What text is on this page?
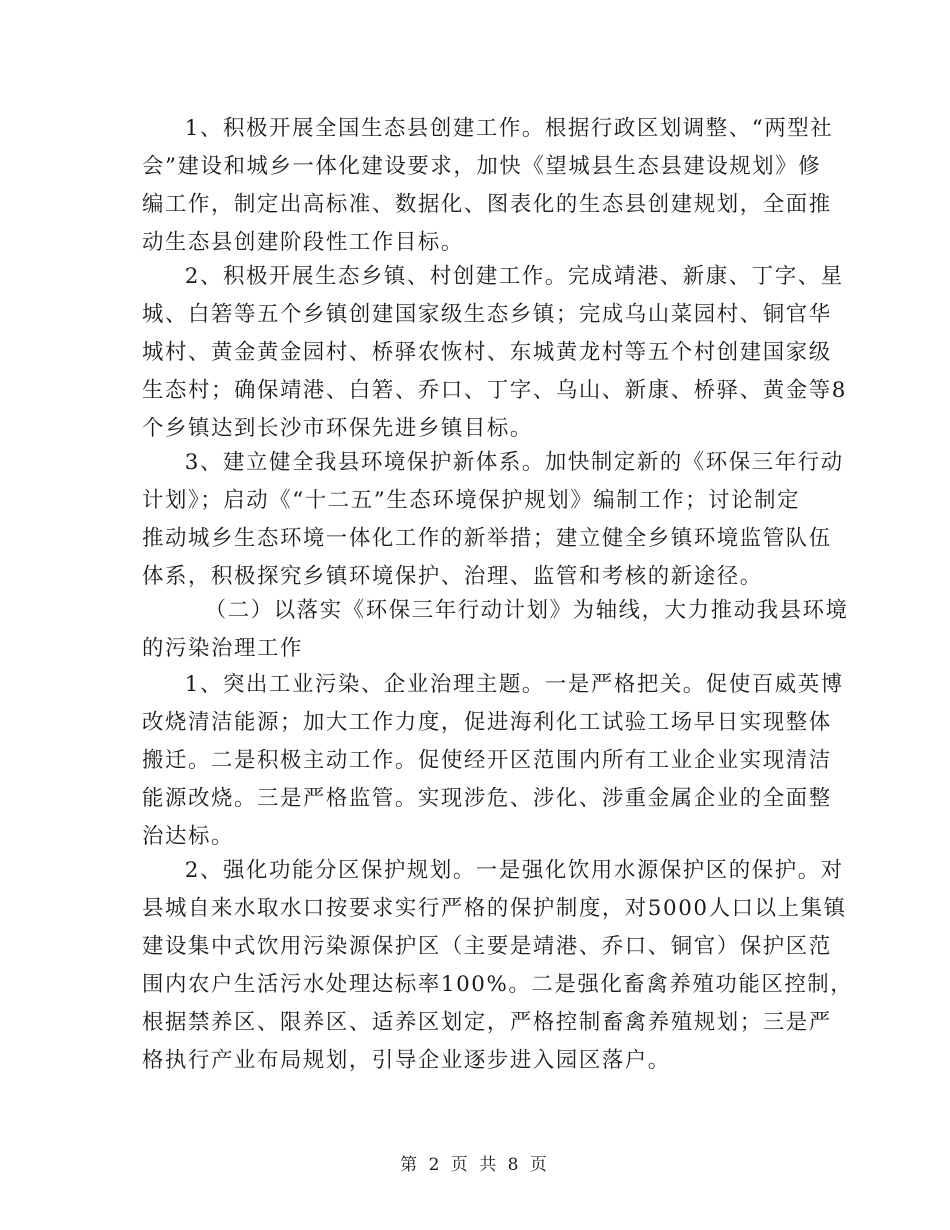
1、积极开展全国生态县创建工作。根据行政区划调整、“两型社
会”建设和城乡一体化建设要求，加快《望城县生态县建设规划》修
编工作，制定出高标准、数据化、图表化的生态县创建规划，全面推
动生态县创建阶段性工作目标。
2、积极开展生态乡镇、村创建工作。完成靖港、新康、丁字、星
城、白箬等五个乡镇创建国家级生态乡镇；完成乌山菜园村、铜官华
城村、黄金黄金园村、桥驿农恢村、东城黄龙村等五个村创建国家级
生态村；确保靖港、白箬、乔口、丁字、乌山、新康、桥驿、黄金等8
个乡镇达到长沙市环保先进乡镇目标。
3、建立健全我县环境保护新体系。加快制定新的《环保三年行动
计划》；启动《“十二五”生态环境保护规划》编制工作；讨论制定
推动城乡生态环境一体化工作的新举措；建立健全乡镇环境监管队伍
体系，积极探究乡镇环境保护、治理、监管和考核的新途径。
（二）以落实《环保三年行动计划》为轴线，大力推动我县环境
的污染治理工作
1、突出工业污染、企业治理主题。一是严格把关。促使百威英博
改烧清洁能源；加大工作力度，促进海利化工试验工场早日实现整体
搬迁。二是积极主动工作。促使经开区范围内所有工业企业实现清洁
能源改烧。三是严格监管。实现涉危、涉化、涉重金属企业的全面整
治达标。
2、强化功能分区保护规划。一是强化饮用水源保护区的保护。对
县城自来水取水口按要求实行严格的保护制度，对5000人口以上集镇
建设集中式饮用污染源保护区（主要是靖港、乔口、铜官）保护区范
围内农户生活污水处理达标率100%。二是强化畜禽养殖功能区控制，
根据禁养区、限养区、适养区划定，严格控制畜禽养殖规划；三是严
格执行产业布局规划，引导企业逐步进入园区落户。
第 2 页 共 8 页
